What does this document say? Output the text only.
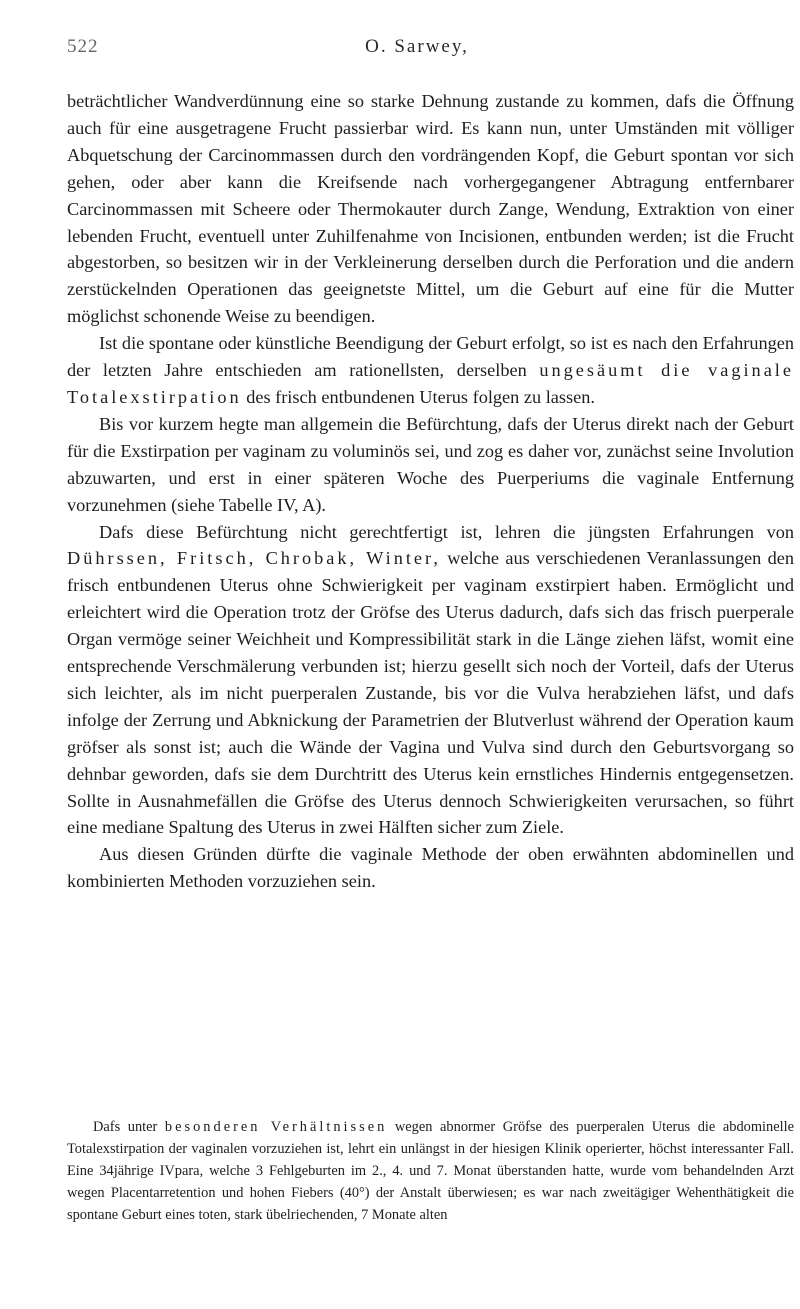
522	O. Sarwey,

beträchtlicher Wandverdünnung eine so starke Dehnung zustande zu kommen, dafs die Öffnung auch für eine ausgetragene Frucht passierbar wird. Es kann nun, unter Umständen mit völliger Abquetschung der Carcinommassen durch den vordrängenden Kopf, die Geburt spontan vor sich gehen, oder aber kann die Kreifsende nach vorhergegangener Abtragung entfernbarer Carcinommassen mit Scheere oder Thermokauter durch Zange, Wendung, Extraktion von einer lebenden Frucht, eventuell unter Zuhilfenahme von Incisionen, entbunden werden; ist die Frucht abgestorben, so besitzen wir in der Verkleinerung derselben durch die Perforation und die andern zerstückelnden Operationen das geeignetste Mittel, um die Geburt auf eine für die Mutter möglichst schonende Weise zu beendigen.

Ist die spontane oder künstliche Beendigung der Geburt erfolgt, so ist es nach den Erfahrungen der letzten Jahre entschieden am rationellsten, derselben ungesäumt die vaginale Totalexstirpation des frisch entbundenen Uterus folgen zu lassen.

Bis vor kurzem hegte man allgemein die Befürchtung, dafs der Uterus direkt nach der Geburt für die Exstirpation per vaginam zu voluminös sei, und zog es daher vor, zunächst seine Involution abzuwarten, und erst in einer späteren Woche des Puerperiums die vaginale Entfernung vorzunehmen (siehe Tabelle IV, A).

Dafs diese Befürchtung nicht gerechtfertigt ist, lehren die jüngsten Erfahrungen von Dührssen, Fritsch, Chrobak, Winter, welche aus verschiedenen Veranlassungen den frisch entbundenen Uterus ohne Schwierigkeit per vaginam exstirpiert haben. Ermöglicht und erleichtert wird die Operation trotz der Gröfse des Uterus dadurch, dafs sich das frisch puerperale Organ vermöge seiner Weichheit und Kompressibilität stark in die Länge ziehen läfst, womit eine entsprechende Verschmälerung verbunden ist; hierzu gesellt sich noch der Vorteil, dafs der Uterus sich leichter, als im nicht puerperalen Zustande, bis vor die Vulva herabziehen läfst, und dafs infolge der Zerrung und Abknickung der Parametrien der Blutverlust während der Operation kaum gröfser als sonst ist; auch die Wände der Vagina und Vulva sind durch den Geburtsvorgang so dehnbar geworden, dafs sie dem Durchtritt des Uterus kein ernstliches Hindernis entgegensetzen. Sollte in Ausnahmefällen die Gröfse des Uterus dennoch Schwierigkeiten verursachen, so führt eine mediane Spaltung des Uterus in zwei Hälften sicher zum Ziele.

Aus diesen Gründen dürfte die vaginale Methode der oben erwähnten abdominellen und kombinierten Methoden vorzuziehen sein.

Dafs unter besonderen Verhältnissen wegen abnormer Gröfse des puerperalen Uterus die abdominelle Totalexstirpation der vaginalen vorzuziehen ist, lehrt ein unlängst in der hiesigen Klinik operierter, höchst interessanter Fall. Eine 34jährige IVpara, welche 3 Fehlgeburten im 2., 4. und 7. Monat überstanden hatte, wurde vom behandelnden Arzt wegen Placentarretention und hohen Fiebers (40°) der Anstalt überwiesen; es war nach zweitägiger Wehenthätigkeit die spontane Geburt eines toten, stark übelriechenden, 7 Monate alten
